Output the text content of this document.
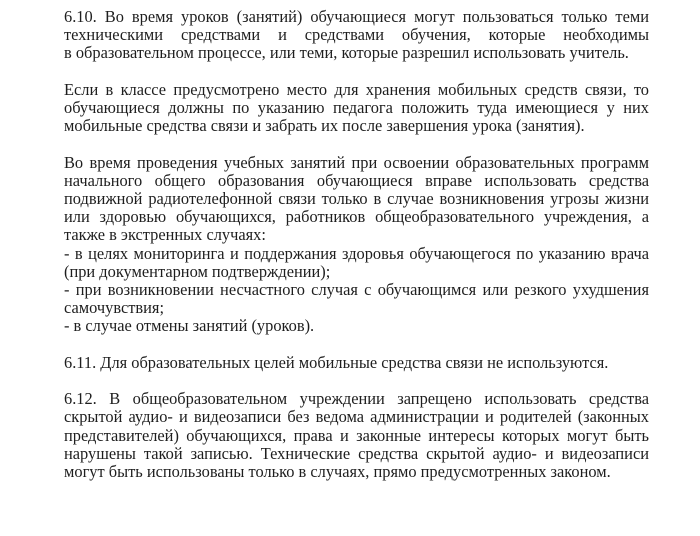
6.10. Во время уроков (занятий) обучающиеся могут пользоваться только теми
техническими средствами и средствами обучения, которые необходимы
в образовательном процессе, или теми, которые разрешил использовать учитель.
Если в классе предусмотрено место для хранения мобильных средств связи, то
обучающиеся должны по указанию педагога положить туда имеющиеся у них
мобильные средства связи и забрать их после завершения урока (занятия).
Во время проведения учебных занятий при освоении образовательных программ
начального общего образования обучающиеся вправе использовать средства
подвижной радиотелефонной связи только в случае возникновения угрозы жизни
или здоровью обучающихся, работников общеобразовательного учреждения, а
также в экстренных случаях:
- в целях мониторинга и поддержания здоровья обучающегося по указанию врача
(при документарном подтверждении);
- при возникновении несчастного случая с обучающимся или резкого ухудшения
самочувствия;
- в случае отмены занятий (уроков).
6.11. Для образовательных целей мобильные средства связи не используются.
6.12. В общеобразовательном учреждении запрещено использовать средства
скрытой аудио- и видеозаписи без ведома администрации и родителей (законных
представителей) обучающихся, права и законные интересы которых могут быть
нарушены такой записью. Технические средства скрытой аудио- и видеозаписи
могут быть использованы только в случаях, прямо предусмотренных законом.
